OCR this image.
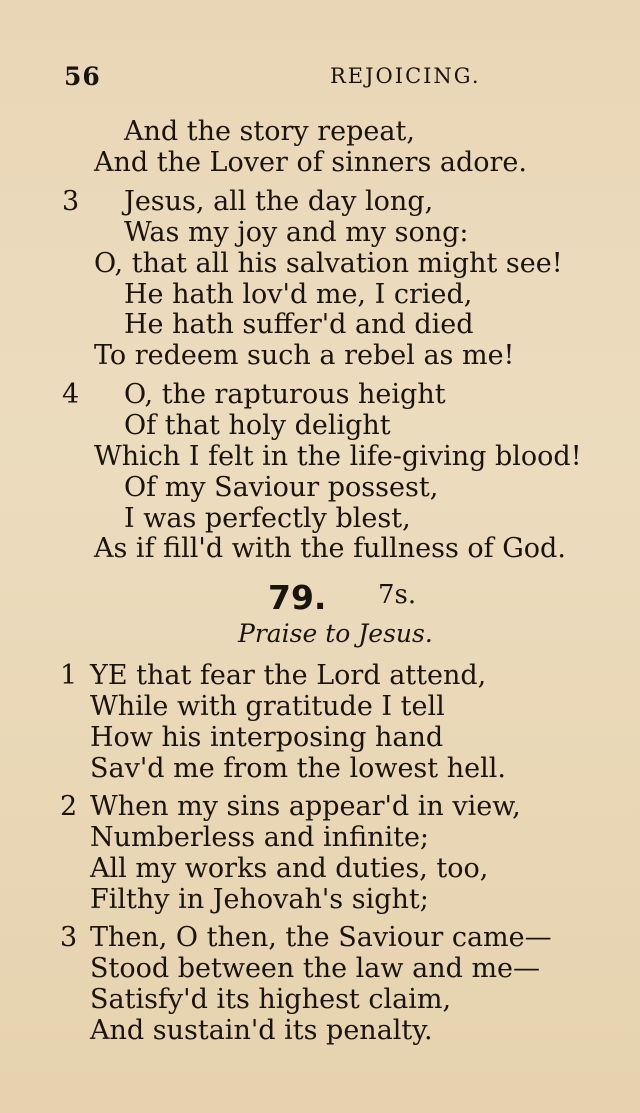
56	REJOICING.
And the story repeat,
And the Lover of sinners adore.
3 Jesus, all the day long,
Was my joy and my song:
O, that all his salvation might see!
He hath lov'd me, I cried,
He hath suffer'd and died
To redeem such a rebel as me!
4 O, the rapturous height
Of that holy delight
Which I felt in the life-giving blood!
Of my Saviour possest,
I was perfectly blest,
As if fill'd with the fullness of God.
79. 7s.
Praise to Jesus.
1 YE that fear the Lord attend,
While with gratitude I tell
How his interposing hand
Sav'd me from the lowest hell.
2 When my sins appear'd in view,
Numberless and infinite;
All my works and duties, too,
Filthy in Jehovah's sight;
3 Then, O then, the Saviour came—
Stood between the law and me—
Satisfy'd its highest claim,
And sustain'd its penalty.
